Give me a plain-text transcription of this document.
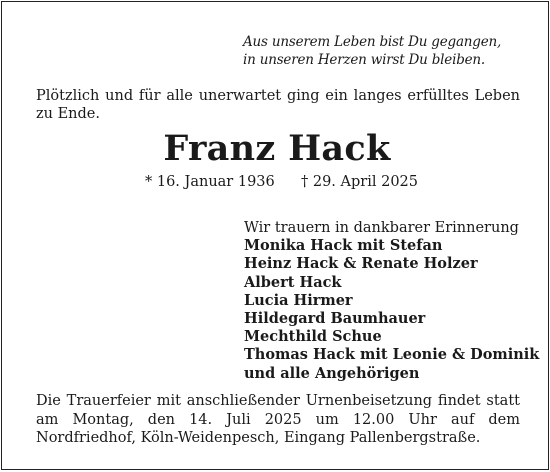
Aus unserem Leben bist Du gegangen,
in unseren Herzen wirst Du bleiben.
Plötzlich und für alle unerwartet ging ein langes erfülltes Leben zu Ende.
Franz Hack
* 16. Januar 1936 † 29. April 2025
Wir trauern in dankbarer Erinnerung
Monika Hack mit Stefan
Heinz Hack & Renate Holzer
Albert Hack
Lucia Hirmer
Hildegard Baumhauer
Mechthild Schue
Thomas Hack mit Leonie & Dominik
und alle Angehörigen
Die Trauerfeier mit anschließender Urnenbeisetzung findet statt am Montag, den 14. Juli 2025 um 12.00 Uhr auf dem Nordfriedhof, Köln-Weidenpesch, Eingang Pallenbergstraße.
